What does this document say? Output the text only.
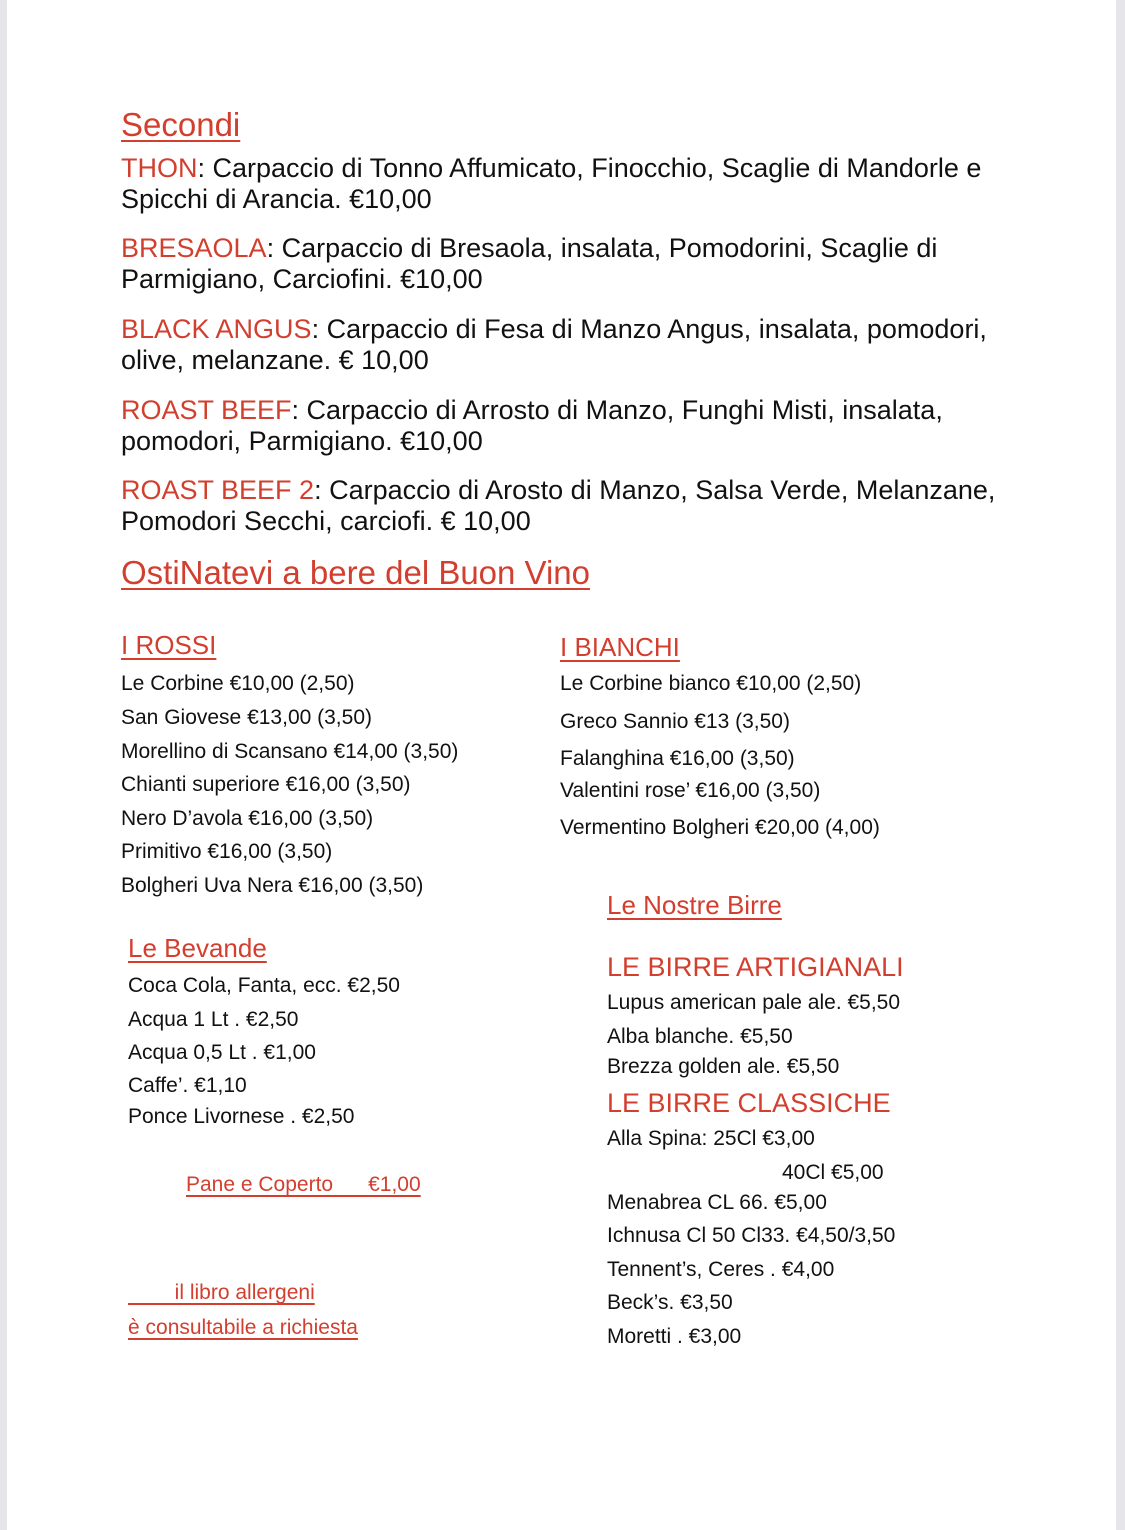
Secondi
THON: Carpaccio di Tonno Affumicato, Finocchio, Scaglie di Mandorle e Spicchi di Arancia. €10,00
BRESAOLA: Carpaccio di Bresaola, insalata, Pomodorini, Scaglie di Parmigiano, Carciofini. €10,00
BLACK ANGUS: Carpaccio di Fesa di Manzo Angus, insalata, pomodori, olive, melanzane. € 10,00
ROAST BEEF: Carpaccio di Arrosto di Manzo, Funghi Misti, insalata, pomodori, Parmigiano. €10,00
ROAST BEEF 2: Carpaccio di Arosto di Manzo, Salsa Verde, Melanzane, Pomodori Secchi, carciofi. € 10,00
OstiNatevi a bere del Buon Vino
I ROSSI
Le Corbine €10,00 (2,50)
San Giovese €13,00 (3,50)
Morellino di Scansano €14,00 (3,50)
Chianti superiore €16,00 (3,50)
Nero D’avola €16,00 (3,50)
Primitivo €16,00 (3,50)
Bolgheri Uva Nera €16,00 (3,50)
I BIANCHI
Le Corbine bianco €10,00 (2,50)
Greco Sannio €13 (3,50)
Falanghina €16,00 (3,50)
Valentini rose’ €16,00 (3,50)
Vermentino Bolgheri €20,00 (4,00)
Le Bevande
Coca Cola, Fanta, ecc. €2,50
Acqua 1 Lt . €2,50
Acqua 0,5 Lt . €1,00
Caffe’. €1,10
Ponce Livornese . €2,50
Pane e Coperto      €1,00
il libro allergeni
è consultabile a richiesta
Le Nostre Birre
LE BIRRE ARTIGIANALI
Lupus american pale ale. €5,50
Alba blanche. €5,50
Brezza golden ale. €5,50
LE BIRRE CLASSICHE
Alla Spina: 25Cl €3,00
40Cl €5,00
Menabrea CL 66. €5,00
Ichnusa Cl 50 Cl33. €4,50/3,50
Tennent’s, Ceres . €4,00
Beck’s. €3,50
Moretti . €3,00
